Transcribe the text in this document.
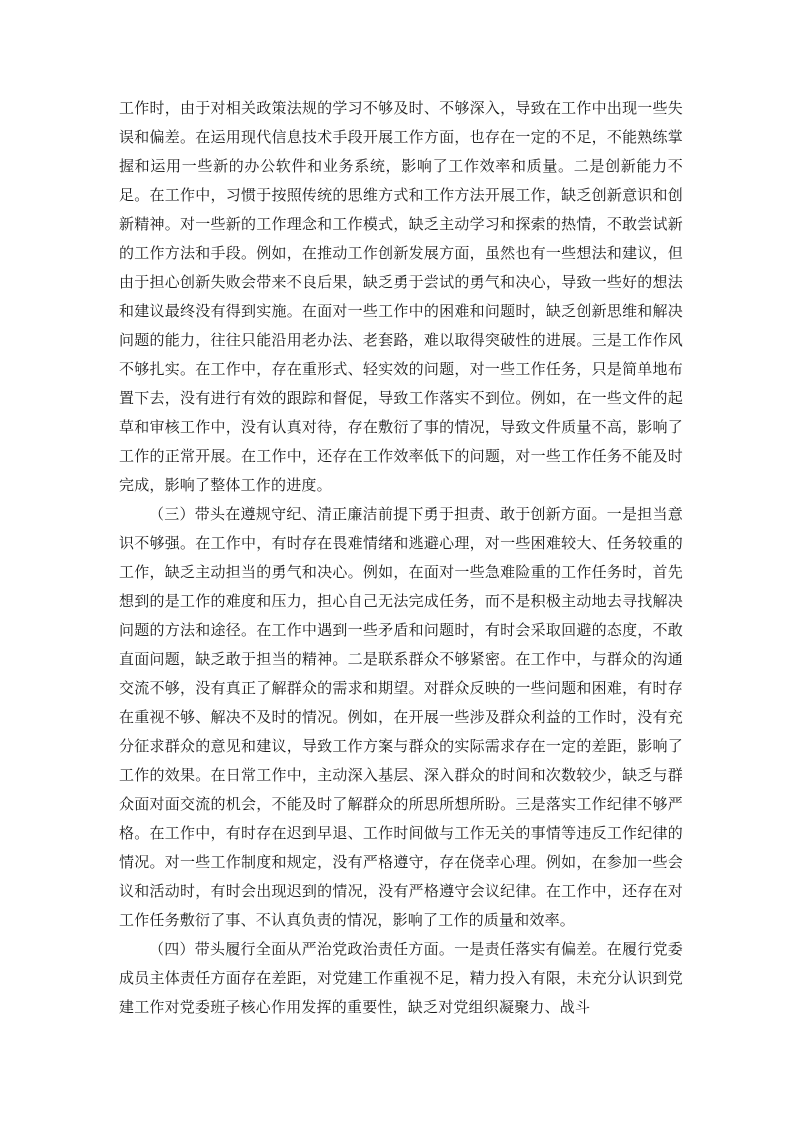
工作时，由于对相关政策法规的学习不够及时、不够深入，导致在工作中出现一些失误和偏差。在运用现代信息技术手段开展工作方面，也存在一定的不足，不能熟练掌握和运用一些新的办公软件和业务系统，影响了工作效率和质量。二是创新能力不足。在工作中，习惯于按照传统的思维方式和工作方法开展工作，缺乏创新意识和创新精神。对一些新的工作理念和工作模式，缺乏主动学习和探索的热情，不敢尝试新的工作方法和手段。例如，在推动工作创新发展方面，虽然也有一些想法和建议，但由于担心创新失败会带来不良后果，缺乏勇于尝试的勇气和决心，导致一些好的想法和建议最终没有得到实施。在面对一些工作中的困难和问题时，缺乏创新思维和解决问题的能力，往往只能沿用老办法、老套路，难以取得突破性的进展。三是工作作风不够扎实。在工作中，存在重形式、轻实效的问题，对一些工作任务，只是简单地布置下去，没有进行有效的跟踪和督促，导致工作落实不到位。例如，在一些文件的起草和审核工作中，没有认真对待，存在敷衍了事的情况，导致文件质量不高，影响了工作的正常开展。在工作中，还存在工作效率低下的问题，对一些工作任务不能及时完成，影响了整体工作的进度。

（三）带头在遵规守纪、清正廉洁前提下勇于担责、敢于创新方面。一是担当意识不够强。在工作中，有时存在畏难情绪和逃避心理，对一些困难较大、任务较重的工作，缺乏主动担当的勇气和决心。例如，在面对一些急难险重的工作任务时，首先想到的是工作的难度和压力，担心自己无法完成任务，而不是积极主动地去寻找解决问题的方法和途径。在工作中遇到一些矛盾和问题时，有时会采取回避的态度，不敢直面问题，缺乏敢于担当的精神。二是联系群众不够紧密。在工作中，与群众的沟通交流不够，没有真正了解群众的需求和期望。对群众反映的一些问题和困难，有时存在重视不够、解决不及时的情况。例如，在开展一些涉及群众利益的工作时，没有充分征求群众的意见和建议，导致工作方案与群众的实际需求存在一定的差距，影响了工作的效果。在日常工作中，主动深入基层、深入群众的时间和次数较少，缺乏与群众面对面交流的机会，不能及时了解群众的所思所想所盼。三是落实工作纪律不够严格。在工作中，有时存在迟到早退、工作时间做与工作无关的事情等违反工作纪律的情况。对一些工作制度和规定，没有严格遵守，存在侥幸心理。例如，在参加一些会议和活动时，有时会出现迟到的情况，没有严格遵守会议纪律。在工作中，还存在对工作任务敷衍了事、不认真负责的情况，影响了工作的质量和效率。

（四）带头履行全面从严治党政治责任方面。一是责任落实有偏差。在履行党委成员主体责任方面存在差距，对党建工作重视不足，精力投入有限，未充分认识到党建工作对党委班子核心作用发挥的重要性，缺乏对党组织凝聚力、战斗
